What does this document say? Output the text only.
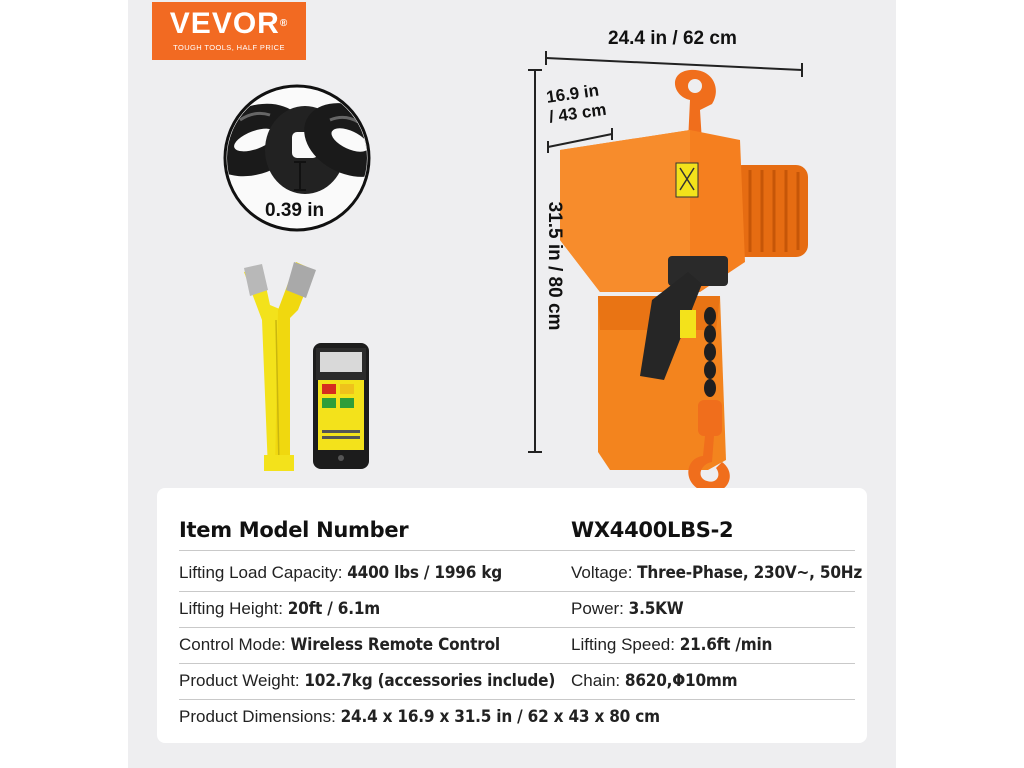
VEVOR®
TOUGH TOOLS, HALF PRICE	24.4 in / 62 cm
16.9 in
/ 43 cm
31.5 in / 80 cm
0.39 in
Item Model Number	WX4400LBS-2
Lifting Load Capacity: 4400 lbs / 1996 kg	Voltage: Three-Phase, 230V~, 50Hz
Lifting Height: 20ft / 6.1m	Power: 3.5KW
Control Mode: Wireless Remote Control	Lifting Speed: 21.6ft /min
Product Weight: 102.7kg (accessories include) Chain: 8620,Φ10mm
Product Dimensions: 24.4 x 16.9 x 31.5 in / 62 x 43 x 80 cm
